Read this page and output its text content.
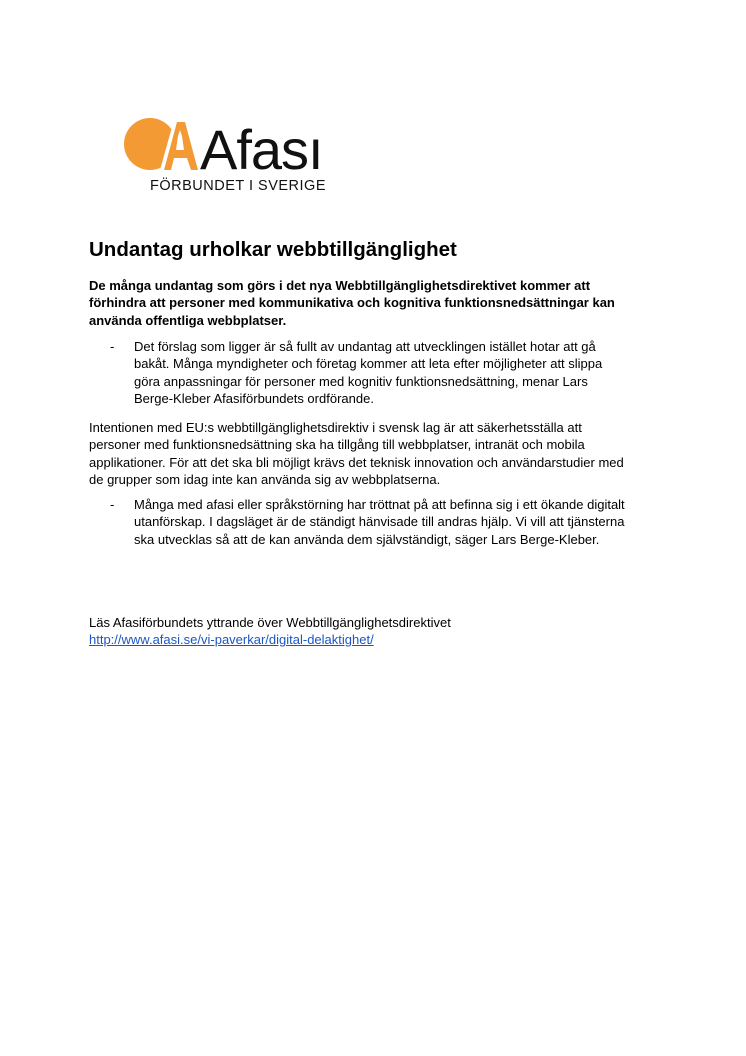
Afası
FÖRBUNDET I SVERIGE
Undantag urholkar webbtillgänglighet
De många undantag som görs i det nya Webbtillgänglighetsdirektivet kommer att
förhindra att personer med kommunikativa och kognitiva funktionsnedsättningar kan
använda offentliga webbplatser.
- Det förslag som ligger är så fullt av undantag att utvecklingen istället hotar att gå
bakåt. Många myndigheter och företag kommer att leta efter möjligheter att slippa
göra anpassningar för personer med kognitiv funktionsnedsättning, menar Lars
Berge-Kleber Afasiförbundets ordförande.
Intentionen med EU:s webbtillgänglighetsdirektiv i svensk lag är att säkerhetsställa att
personer med funktionsnedsättning ska ha tillgång till webbplatser, intranät och mobila
applikationer. För att det ska bli möjligt krävs det teknisk innovation och användarstudier med
de grupper som idag inte kan använda sig av webbplatserna.
- Många med afasi eller språkstörning har tröttnat på att befinna sig i ett ökande digitalt
utanförskap. I dagsläget är de ständigt hänvisade till andras hjälp. Vi vill att tjänsterna
ska utvecklas så att de kan använda dem självständigt, säger Lars Berge-Kleber.
Läs Afasiförbundets yttrande över Webbtillgänglighetsdirektivet
http://www.afasi.se/vi-paverkar/digital-delaktighet/
